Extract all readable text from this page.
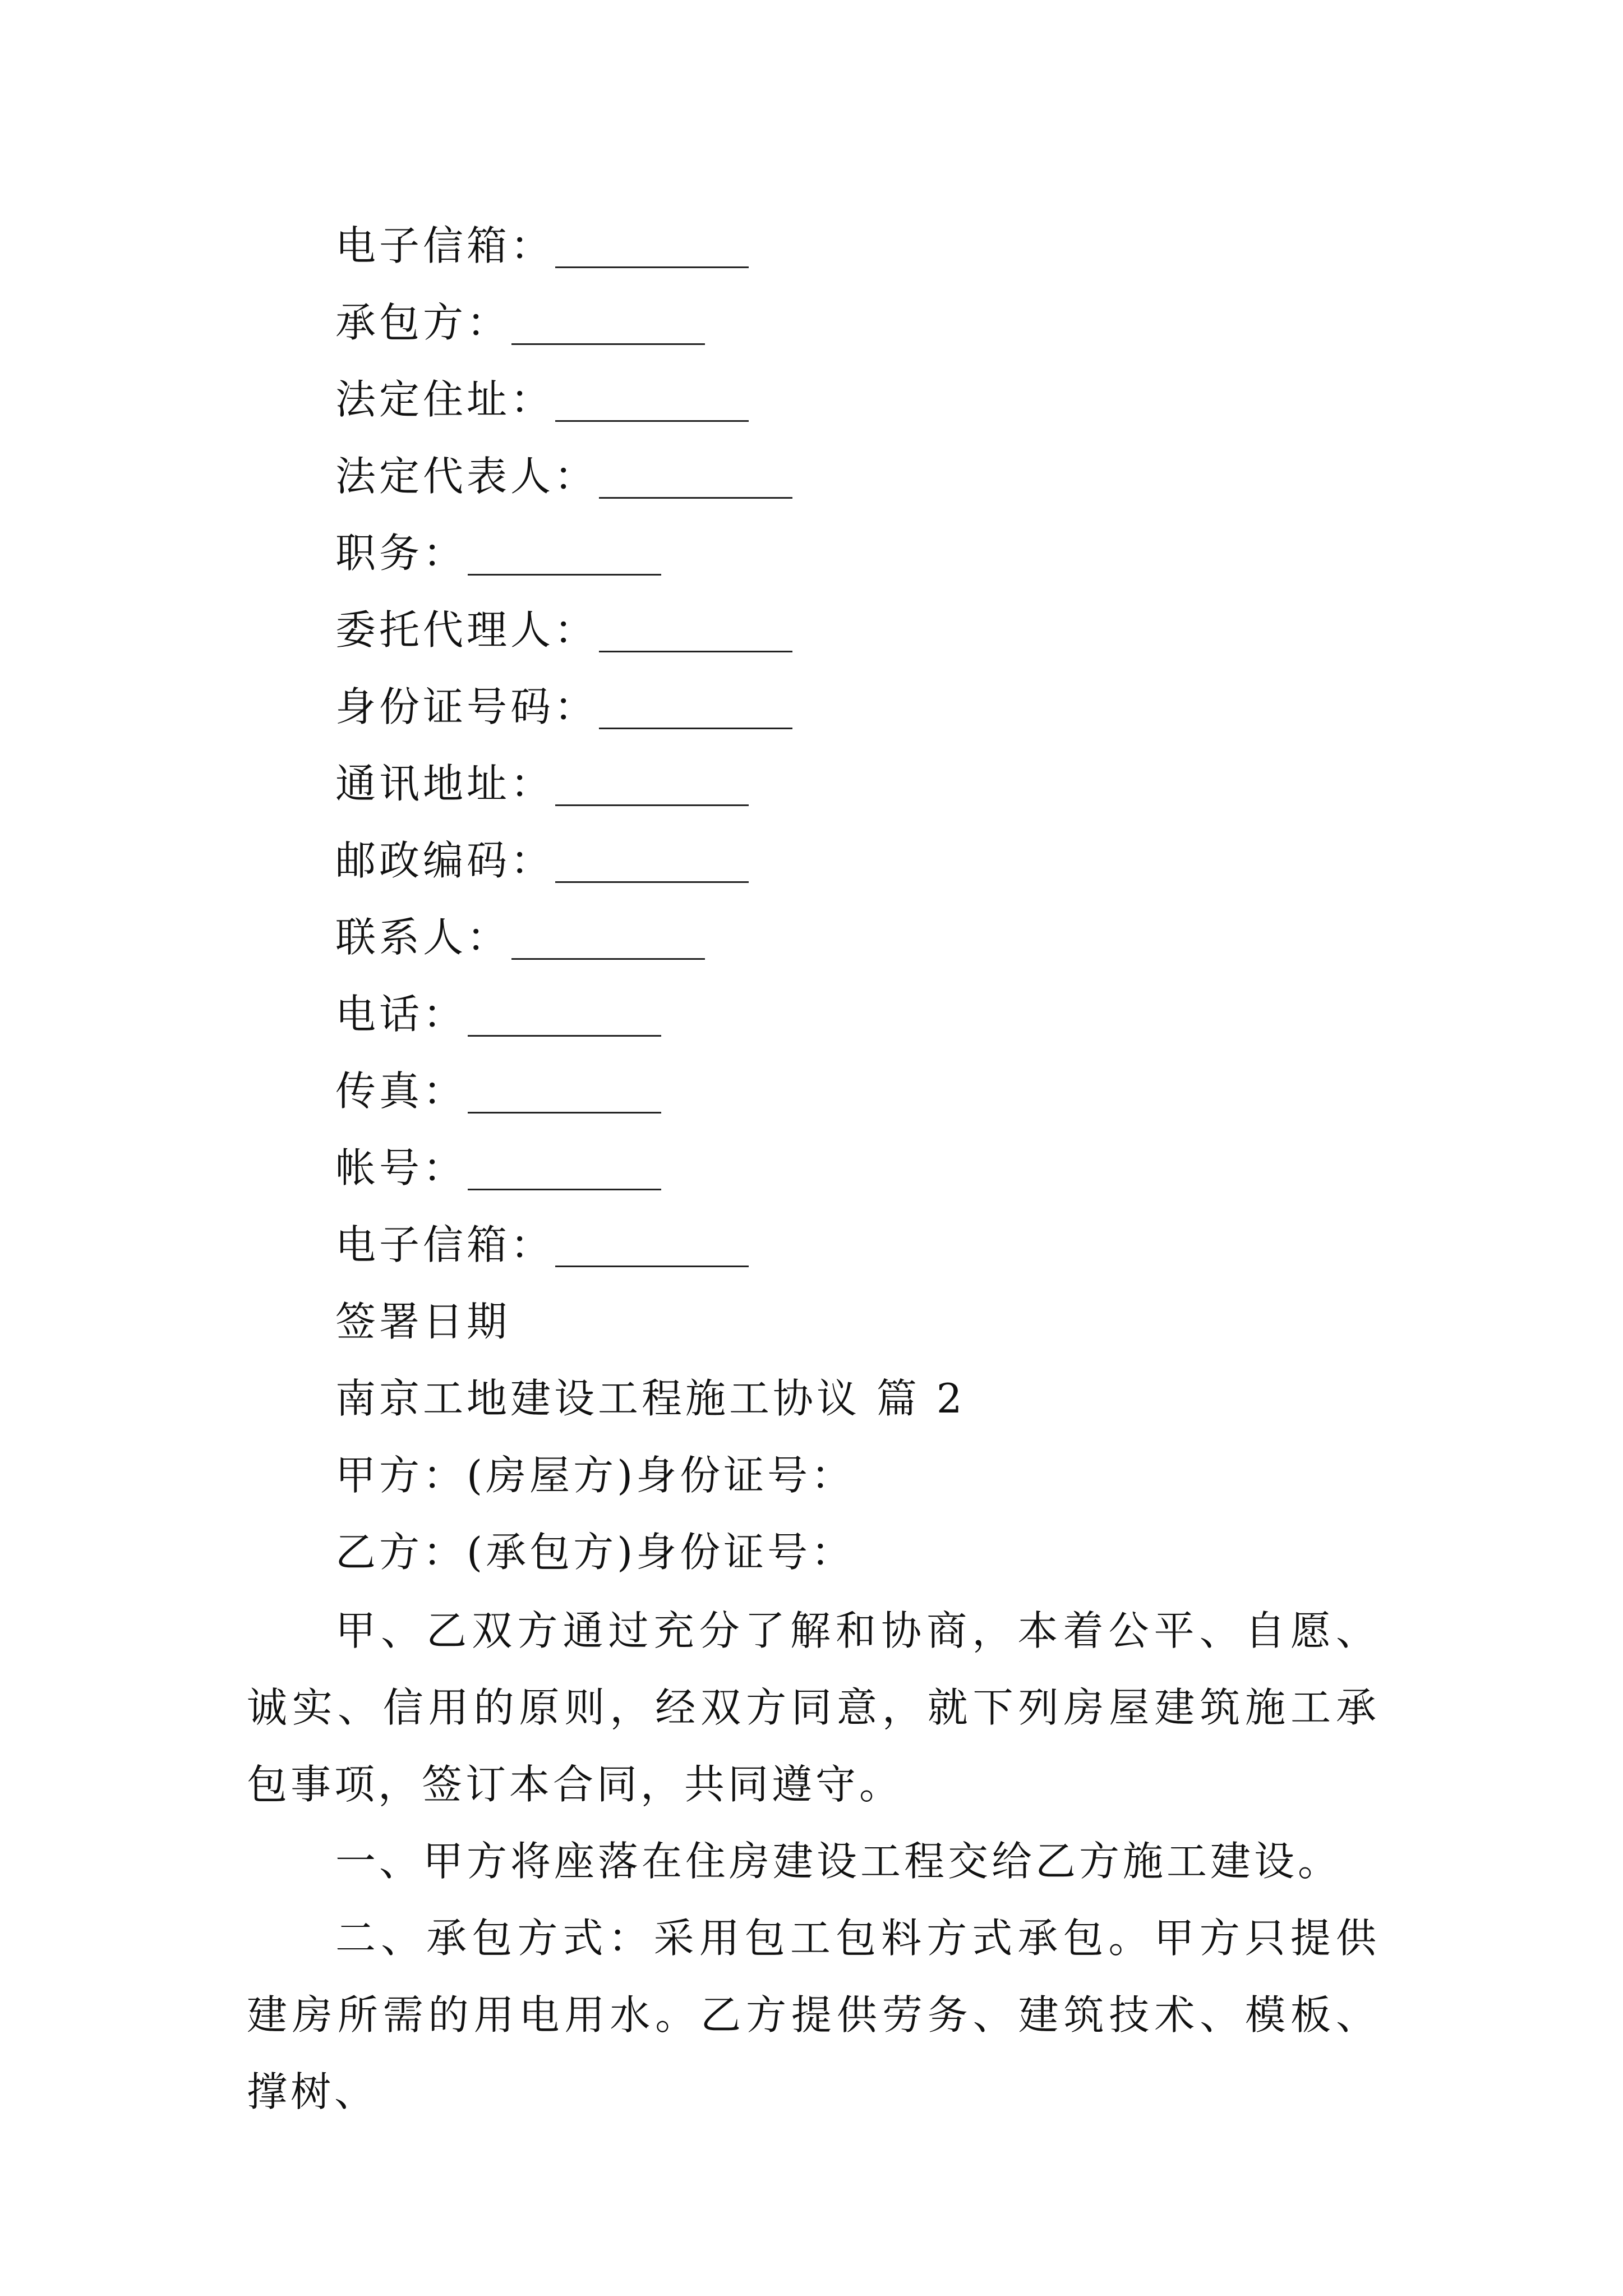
电子信箱：
承包方：
法定住址：
法定代表人：
职务：
委托代理人：
身份证号码：
通讯地址：
邮政编码：
联系人：
电话：
传真：
帐号：
电子信箱：
签署日期
南京工地建设工程施工协议 篇 2
甲方：(房屋方)身份证号：
乙方：(承包方)身份证号：
甲、乙双方通过充分了解和协商，本着公平、自愿、诚实、信用的原则，经双方同意，就下列房屋建筑施工承包事项，签订本合同，共同遵守。
一、甲方将座落在住房建设工程交给乙方施工建设。
二、承包方式：采用包工包料方式承包。甲方只提供建房所需的用电用水。乙方提供劳务、建筑技术、模板、撑树、
